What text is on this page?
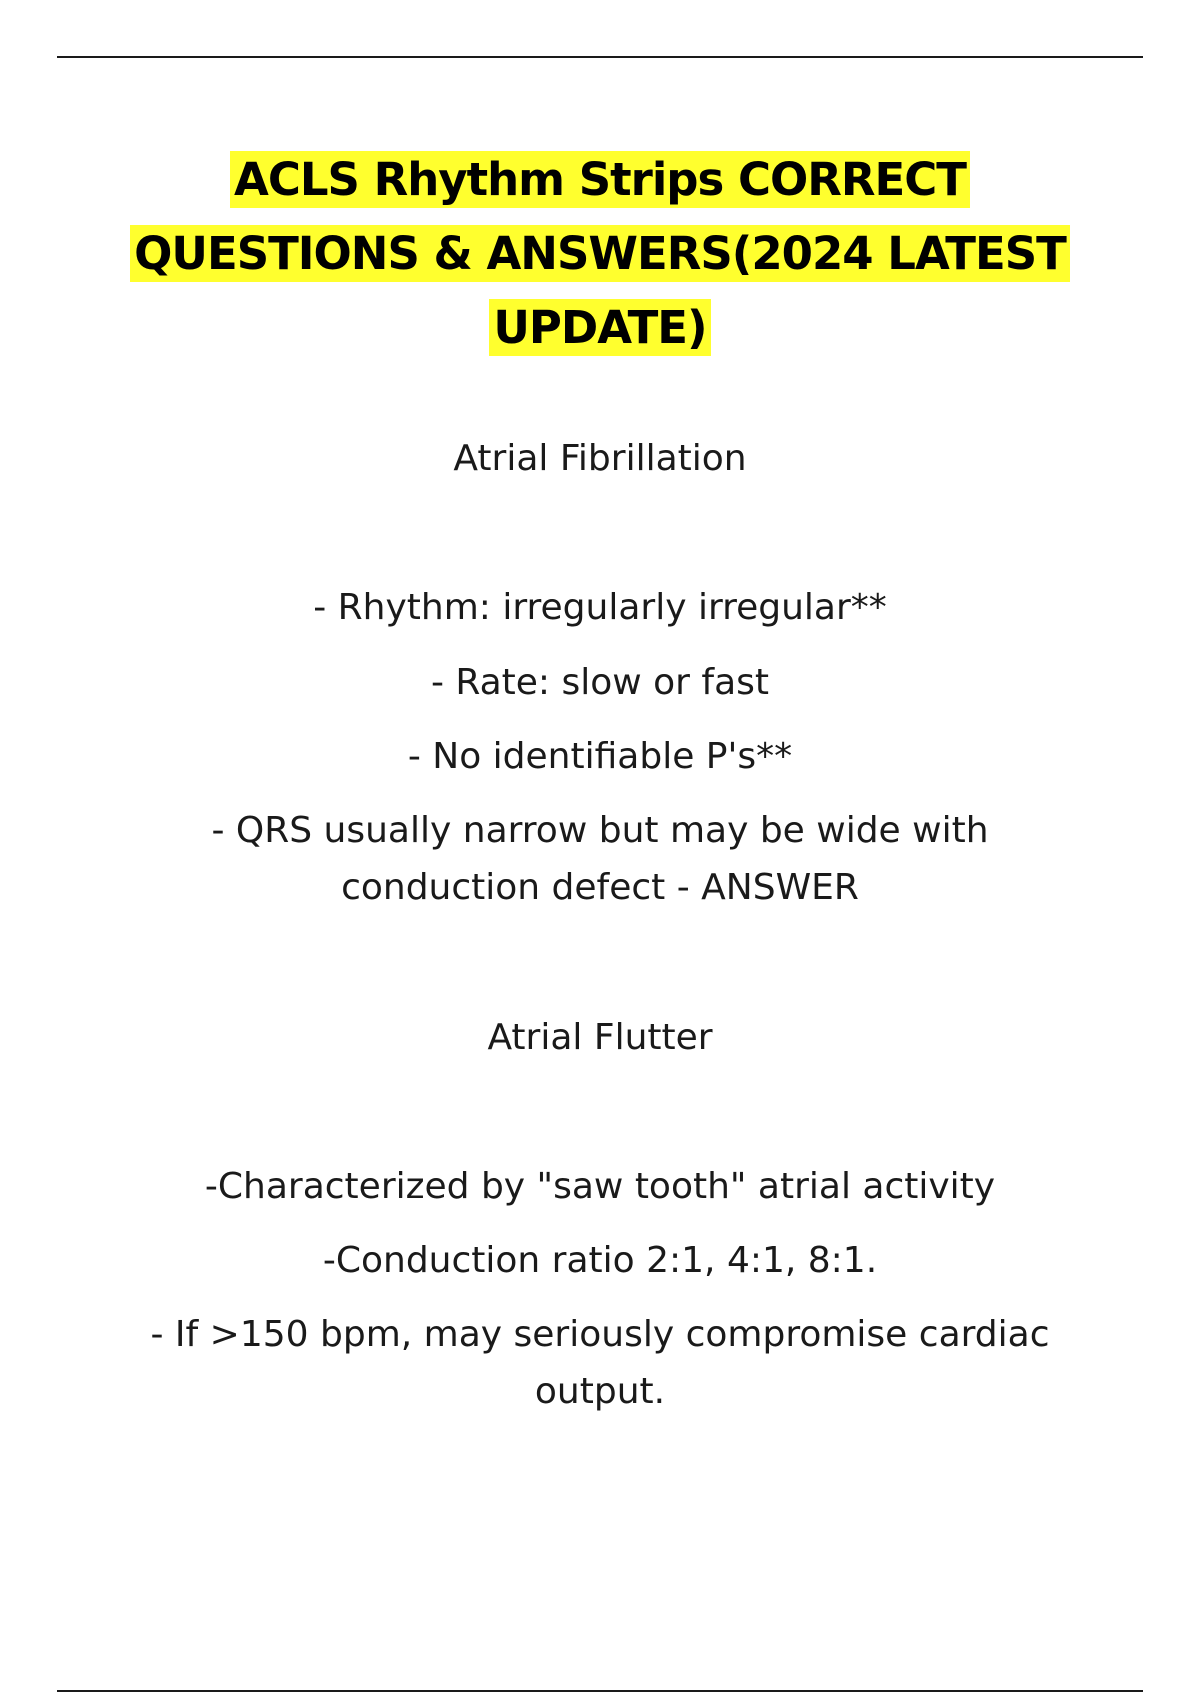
ACLS Rhythm Strips CORRECT
QUESTIONS & ANSWERS(2024 LATEST
UPDATE)
Atrial Fibrillation
- Rhythm: irregularly irregular**
- Rate: slow or fast
- No identifiable P's**
- QRS usually narrow but may be wide with
conduction defect - ANSWER
Atrial Flutter
-Characterized by "saw tooth" atrial activity
-Conduction ratio 2:1, 4:1, 8:1.
- If >150 bpm, may seriously compromise cardiac
output.
